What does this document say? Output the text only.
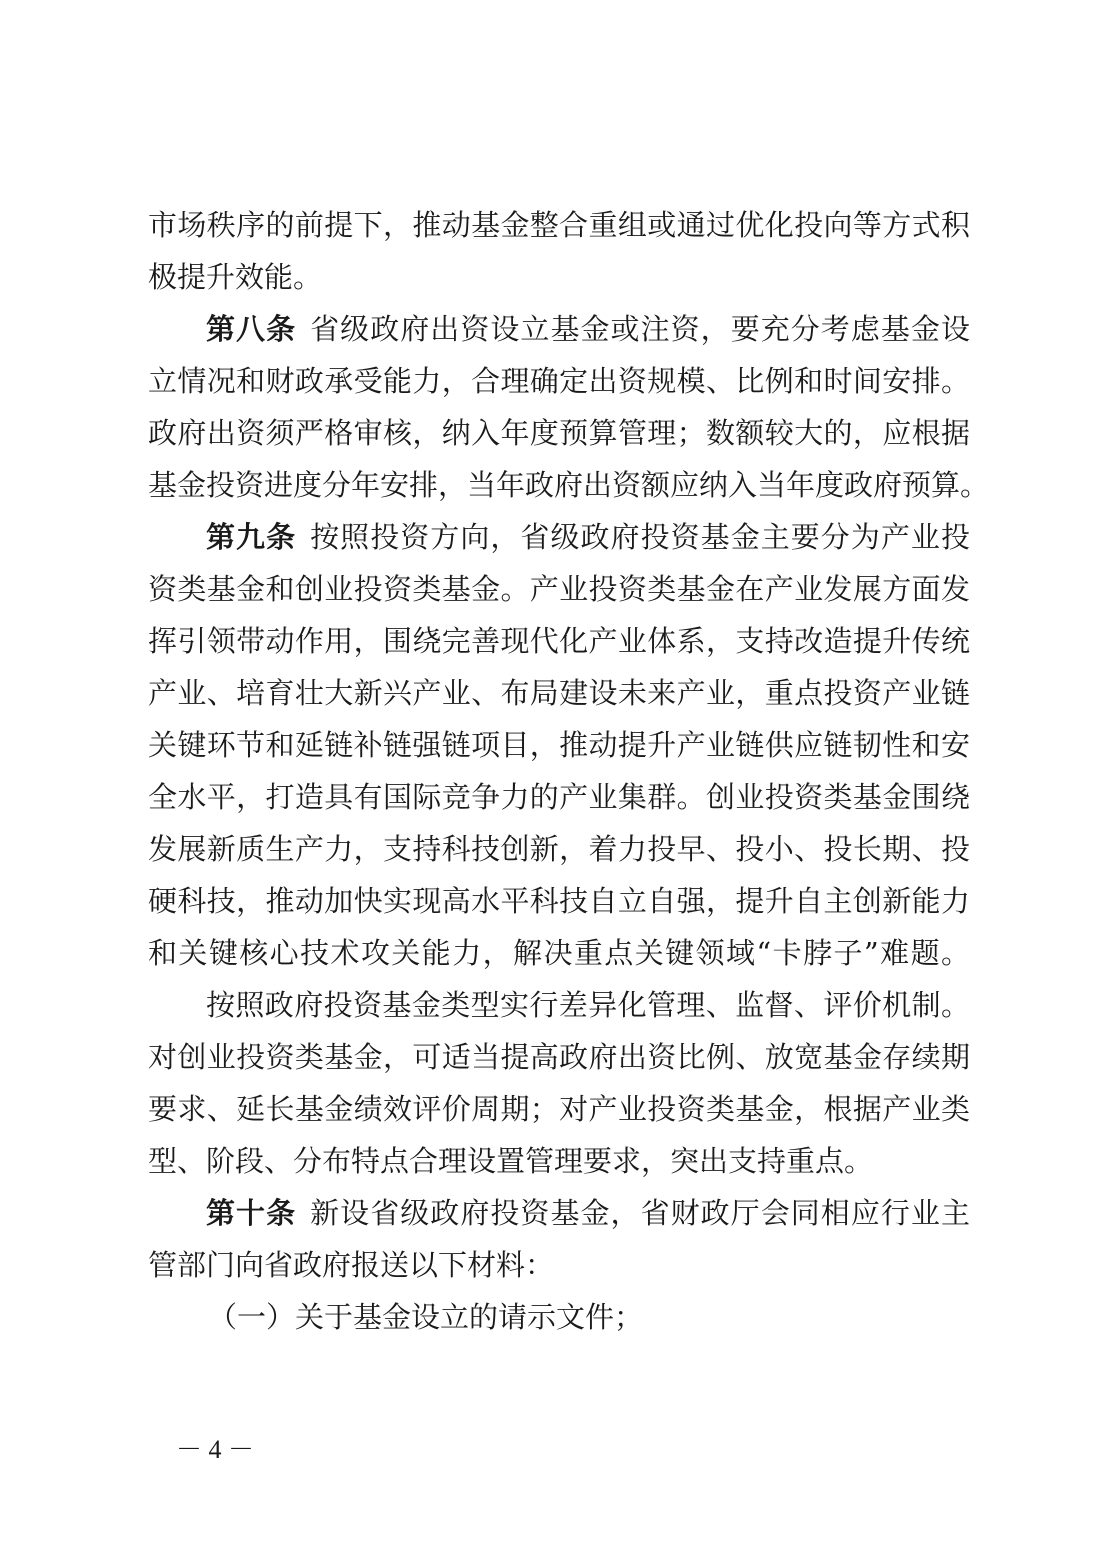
市场秩序的前提下，推动基金整合重组或通过优化投向等方式积
极提升效能。
第八条 省级政府出资设立基金或注资，要充分考虑基金设
立情况和财政承受能力，合理确定出资规模、比例和时间安排。
政府出资须严格审核，纳入年度预算管理；数额较大的，应根据
基金投资进度分年安排，当年政府出资额应纳入当年度政府预算。
第九条 按照投资方向，省级政府投资基金主要分为产业投
资类基金和创业投资类基金。产业投资类基金在产业发展方面发
挥引领带动作用，围绕完善现代化产业体系，支持改造提升传统
产业、培育壮大新兴产业、布局建设未来产业，重点投资产业链
关键环节和延链补链强链项目，推动提升产业链供应链韧性和安
全水平，打造具有国际竞争力的产业集群。创业投资类基金围绕
发展新质生产力，支持科技创新，着力投早、投小、投长期、投
硬科技，推动加快实现高水平科技自立自强，提升自主创新能力
和关键核心技术攻关能力，解决重点关键领域“卡脖子”难题。
按照政府投资基金类型实行差异化管理、监督、评价机制。
对创业投资类基金，可适当提高政府出资比例、放宽基金存续期
要求、延长基金绩效评价周期；对产业投资类基金，根据产业类
型、阶段、分布特点合理设置管理要求，突出支持重点。
第十条 新设省级政府投资基金，省财政厅会同相应行业主
管部门向省政府报送以下材料：
（一）关于基金设立的请示文件；
－ 4 －
